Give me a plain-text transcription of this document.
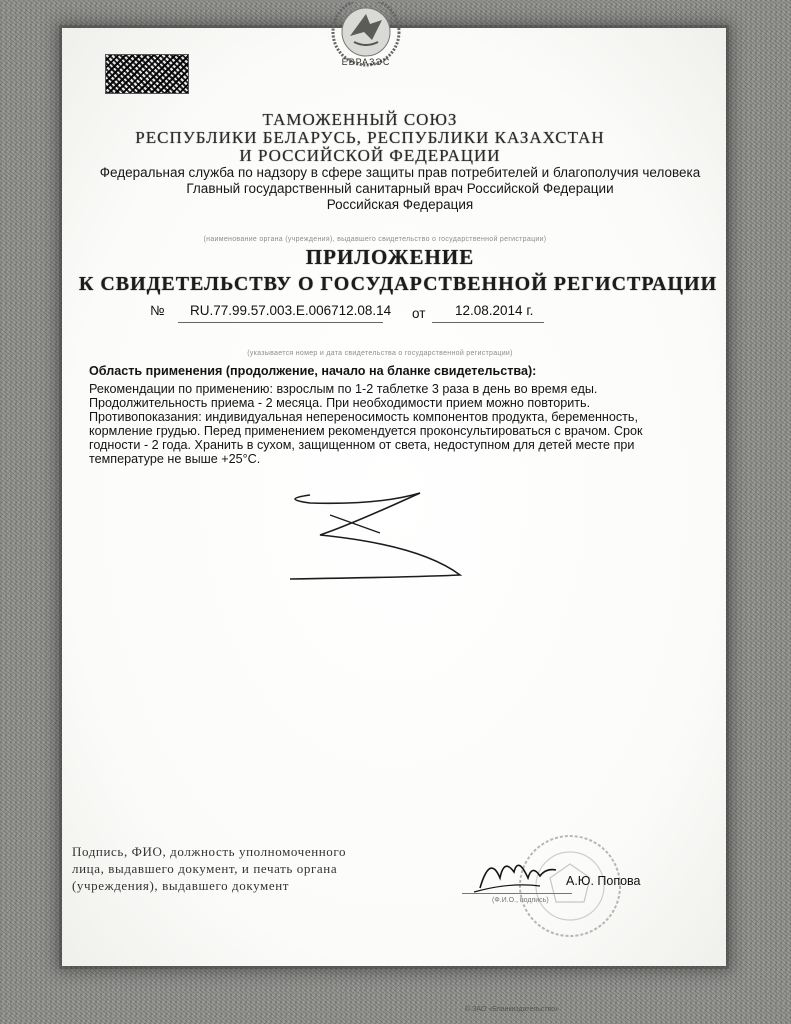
ЕВРАЗЭС
ТАМОЖЕННЫЙ СОЮЗ
РЕСПУБЛИКИ БЕЛАРУСЬ, РЕСПУБЛИКИ КАЗАХСТАН
И РОССИЙСКОЙ ФЕДЕРАЦИИ
Федеральная служба по надзору в сфере защиты прав потребителей и благополучия человека
Главный государственный санитарный врач Российской Федерации
Российская Федерация
(наименование органа (учреждения), выдавшего свидетельство о государственной регистрации)
ПРИЛОЖЕНИЕ
К СВИДЕТЕЛЬСТВУ О ГОСУДАРСТВЕННОЙ РЕГИСТРАЦИИ
№ RU.77.99.57.003.E.006712.08.14 от 12.08.2014 г.
(указывается номер и дата свидетельства о государственной регистрации)

Область применения (продолжение, начало на бланке свидетельства):

Рекомендации по применению: взрослым по 1-2 таблетке 3 раза в день во время еды.

Продолжительность приема - 2 месяца. При необходимости прием можно повторить.

Противопоказания: индивидуальная непереносимость компонентов продукта, беременность,

кормление грудью. Перед применением рекомендуется проконсультироваться с врачом. Срок

годности - 2 года. Хранить в сухом, защищенном от света, недоступном для детей месте при

температуре не выше +25°С.

Подпись, ФИО, должность уполномоченного

лица, выдавшего документ, и печать органа

(учреждения), выдавшего документ	А.Ю. Попова
(Ф.И.О., подпись)
© ЗАО «Бланкиздательство»
